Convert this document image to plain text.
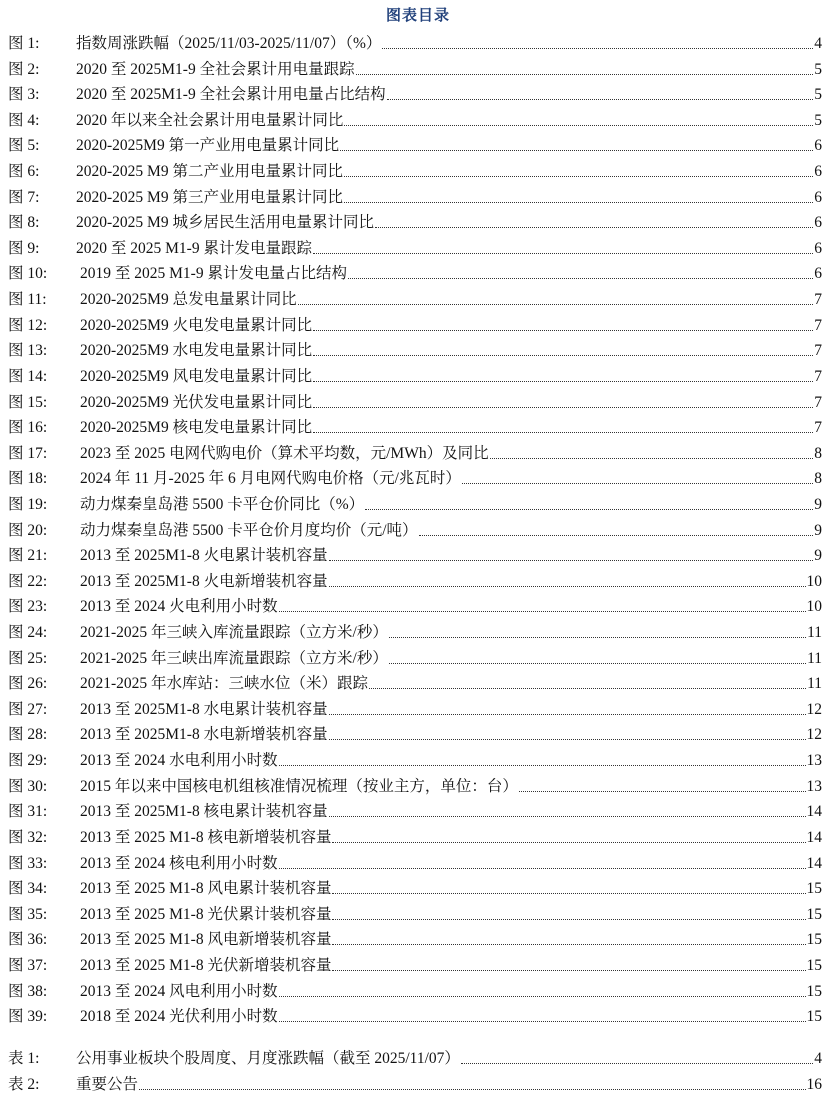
图表目录
图 1: 指数周涨跌幅（2025/11/03-2025/11/07）（%）	4
图 2: 2020 至 2025M1-9 全社会累计用电量跟踪	5
图 3: 2020 至 2025M1-9 全社会累计用电量占比结构	5
图 4: 2020 年以来全社会累计用电量累计同比	5
图 5: 2020-2025M9 第一产业用电量累计同比	6
图 6: 2020-2025 M9 第二产业用电量累计同比	6
图 7: 2020-2025 M9 第三产业用电量累计同比	6
图 8: 2020-2025 M9 城乡居民生活用电量累计同比	6
图 9: 2020 至 2025 M1-9 累计发电量跟踪	6
图 10: 2019 至 2025 M1-9 累计发电量占比结构	6
图 11: 2020-2025M9 总发电量累计同比	7
图 12: 2020-2025M9 火电发电量累计同比	7
图 13: 2020-2025M9 水电发电量累计同比	7
图 14: 2020-2025M9 风电发电量累计同比	7
图 15: 2020-2025M9 光伏发电量累计同比	7
图 16: 2020-2025M9 核电发电量累计同比	7
图 17: 2023 至 2025 电网代购电价（算术平均数，元/MWh）及同比	8
图 18: 2024 年 11 月-2025 年 6 月电网代购电价格（元/兆瓦时）	8
图 19: 动力煤秦皇岛港 5500 卡平仓价同比（%）	9
图 20: 动力煤秦皇岛港 5500 卡平仓价月度均价（元/吨）	9
图 21: 2013 至 2025M1-8 火电累计装机容量	9
图 22: 2013 至 2025M1-8 火电新增装机容量	10
图 23: 2013 至 2024 火电利用小时数	10
图 24: 2021-2025 年三峡入库流量跟踪（立方米/秒）	11
图 25: 2021-2025 年三峡出库流量跟踪（立方米/秒）	11
图 26: 2021-2025 年水库站：三峡水位（米）跟踪	11
图 27: 2013 至 2025M1-8 水电累计装机容量	12
图 28: 2013 至 2025M1-8 水电新增装机容量	12
图 29: 2013 至 2024 水电利用小时数	13
图 30: 2015 年以来中国核电机组核准情况梳理（按业主方，单位：台）	13
图 31: 2013 至 2025M1-8 核电累计装机容量	14
图 32: 2013 至 2025 M1-8 核电新增装机容量	14
图 33: 2013 至 2024 核电利用小时数	14
图 34: 2013 至 2025 M1-8 风电累计装机容量	15
图 35: 2013 至 2025 M1-8 光伏累计装机容量	15
图 36: 2013 至 2025 M1-8 风电新增装机容量	15
图 37: 2013 至 2025 M1-8 光伏新增装机容量	15
图 38: 2013 至 2024 风电利用小时数	15
图 39: 2018 至 2024 光伏利用小时数	15
表 1: 公用事业板块个股周度、月度涨跌幅（截至 2025/11/07）	4
表 2: 重要公告	16
